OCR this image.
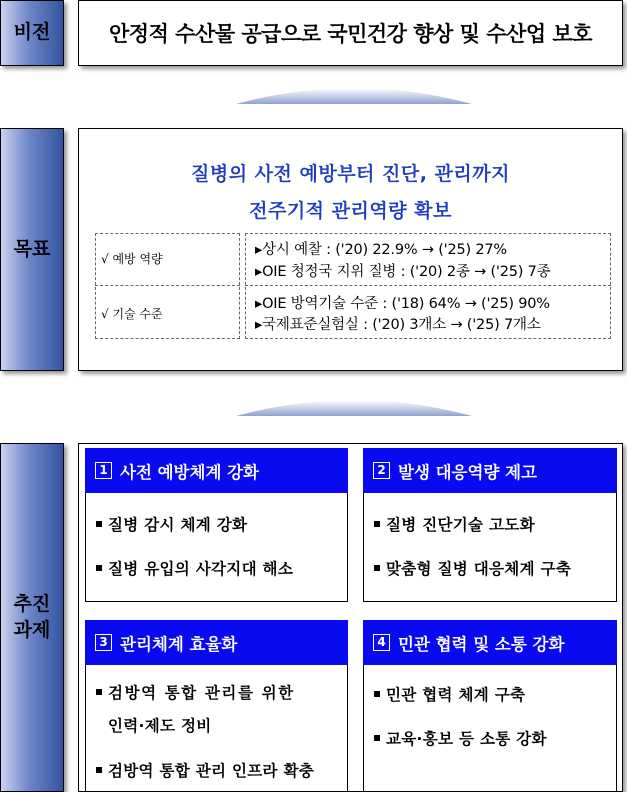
비전	안정적 수산물 공급으로 국민건강 향상 및 수산업 보호
목표
질병의 사전 예방부터 진단, 관리까지
전주기적 관리역량 확보
√ 예방 역량
√ 기술 수준
▸상시 예찰 : ('20) 22.9% → ('25) 27%
▸OIE 청정국 지위 질병 : ('20) 2종 → ('25) 7종
▸OIE 방역기술 수준 : ('18) 64% → ('25) 90%
▸국제표준실험실 : ('20) 3개소 → ('25) 7개소
추진
과제
1 사전 예방체계 강화
질병 감시 체계 강화
질병 유입의 사각지대 해소
2 발생 대응역량 제고
질병 진단기술 고도화
맞춤형 질병 대응체계 구축
3 관리체계 효율화
검방역 통합 관리를 위한
인력·제도 정비
검방역 통합 관리 인프라 확충
4 민관 협력 및 소통 강화
민관 협력 체계 구축
교육·홍보 등 소통 강화
